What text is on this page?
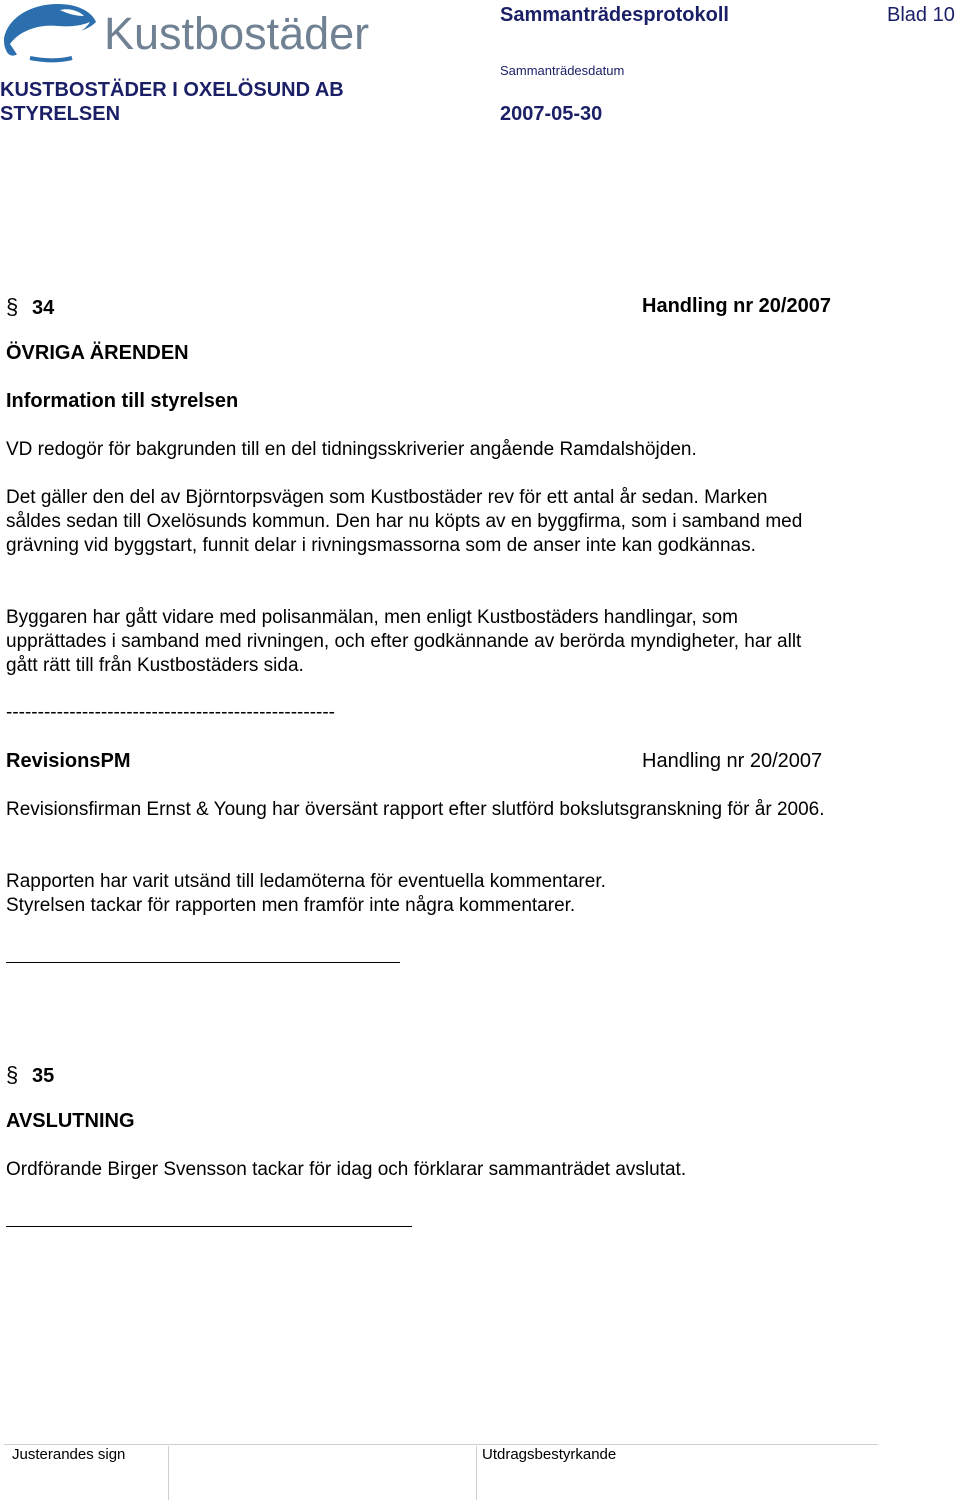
Kustbostäder	Sammanträdesprotokoll	Blad 10
KUSTBOSTÄDER I OXELÖSUND AB
STYRELSEN
Sammanträdesdatum
2007-05-30
§ 34	Handling nr 20/2007
ÖVRIGA ÄRENDEN
Information till styrelsen
VD redogör för bakgrunden till en del tidningsskriverier angående Ramdalshöjden.
Det gäller den del av Björntorpsvägen som Kustbostäder rev för ett antal år sedan. Marken såldes sedan till Oxelösunds kommun. Den har nu köpts av en byggfirma, som i samband med grävning vid byggstart, funnit delar i rivningsmassorna som de anser inte kan godkännas.
Byggaren har gått vidare med polisanmälan, men enligt Kustbostäders handlingar, som upprättades i samband med rivningen, och efter godkännande av berörda myndigheter, har allt gått rätt till från Kustbostäders sida.
----------------------------------------------------
RevisionsPM	Handling nr 20/2007
Revisionsfirman Ernst & Young har översänt rapport efter slutförd bokslutsgranskning för år 2006.
Rapporten har varit utsänd till ledamöterna för eventuella kommentarer.
Styrelsen tackar för rapporten men framför inte några kommentarer.
§ 35
AVSLUTNING
Ordförande Birger Svensson tackar för idag och förklarar sammanträdet avslutat.
Justerandes sign	Utdragsbestyrkande
